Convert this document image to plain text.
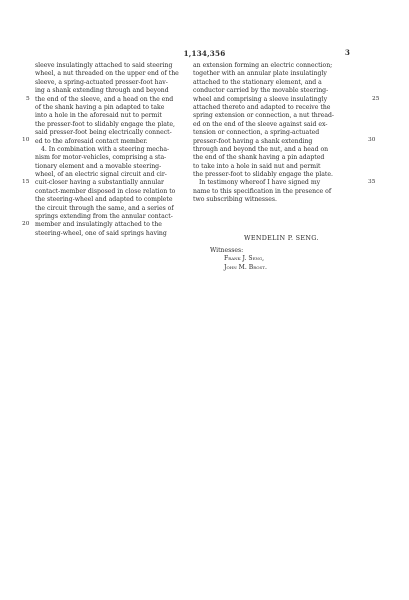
1,134,356	3
sleeve insulatingly attached to said steering
wheel, a nut threaded on the upper end of the
sleeve, a spring-actuated presser-foot hav-
ing a shank extending through and beyond
the end of the sleeve, and a head on the end
of the shank having a pin adapted to take
into a hole in the aforesaid nut to permit
the presser-foot to slidably engage the plate,
said presser-foot being electrically connect-
ed to the aforesaid contact member.
4. In combination with a steering mecha-
nism for motor-vehicles, comprising a sta-
tionary element and a movable steering-
wheel, of an electric signal circuit and cir-
cuit-closer having a substantially annular
contact-member disposed in close relation to
the steering-wheel and adapted to complete
the circuit through the same, and a series of
springs extending from the annular contact-
member and insulatingly attached to the
steering-wheel, one of said springs having
5
10
15
20
an extension forming an electric connection;
together with an annular plate insulatingly
attached to the stationary element, and a
conductor carried by the movable steering-
wheel and comprising a sleeve insulatingly
attached thereto and adapted to receive the
spring extension or connection, a nut thread-
ed on the end of the sleeve against said ex-
tension or connection, a spring-actuated
presser-foot having a shank extending
through and beyond the nut, and a head on
the end of the shank having a pin adapted
to take into a hole in said nut and permit
the presser-foot to slidably engage the plate.
In testimony whereof I have signed my
name to this specification in the presence of
two subscribing witnesses.
25
30
35
WENDELIN P. SENG.
Witnesses:
Frank J. Seng,
John M. Brost.
